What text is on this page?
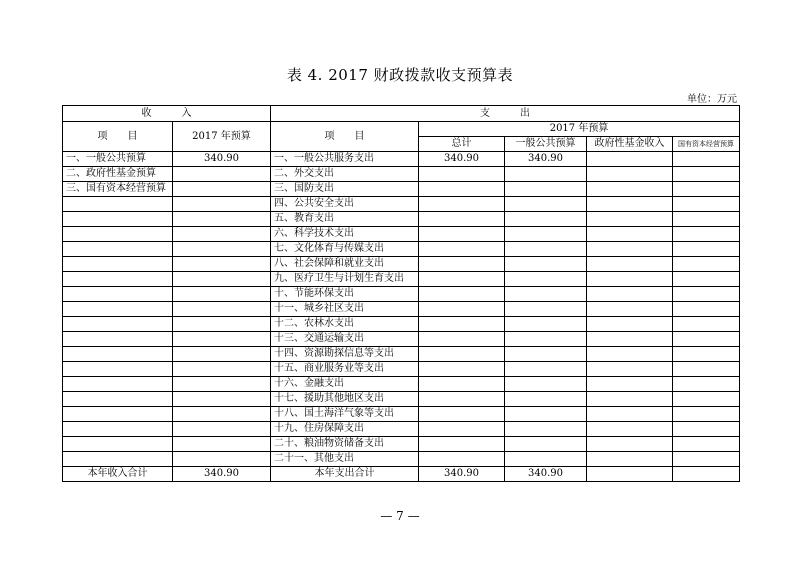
表 4. 2017 财政拨款收支预算表
单位：万元
收　　　入		支　　　出				
项　　目	2017 年预算	项　　目	2017 年预算			
			总计	一般公共预算	政府性基金收入	国有资本经营预算
一、一般公共预算	340.90	一、一般公共服务支出	340.90	340.90		
二、政府性基金预算		二、外交支出				
三、国有资本经营预算		三、国防支出				
		四、公共安全支出				
		五、教育支出				
		六、科学技术支出				
		七、文化体育与传媒支出				
		八、社会保障和就业支出				
		九、医疗卫生与计划生育支出				
		十、节能环保支出				
		十一、城乡社区支出				
		十二、农林水支出				
		十三、交通运输支出				
		十四、资源勘探信息等支出				
		十五、商业服务业等支出				
		十六、金融支出				
		十七、援助其他地区支出				
		十八、国土海洋气象等支出				
		十九、住房保障支出				
		二十、粮油物资储备支出				
		二十一、其他支出				
本年收入合计	340.90	本年支出合计	340.90	340.90		
— 7 —
